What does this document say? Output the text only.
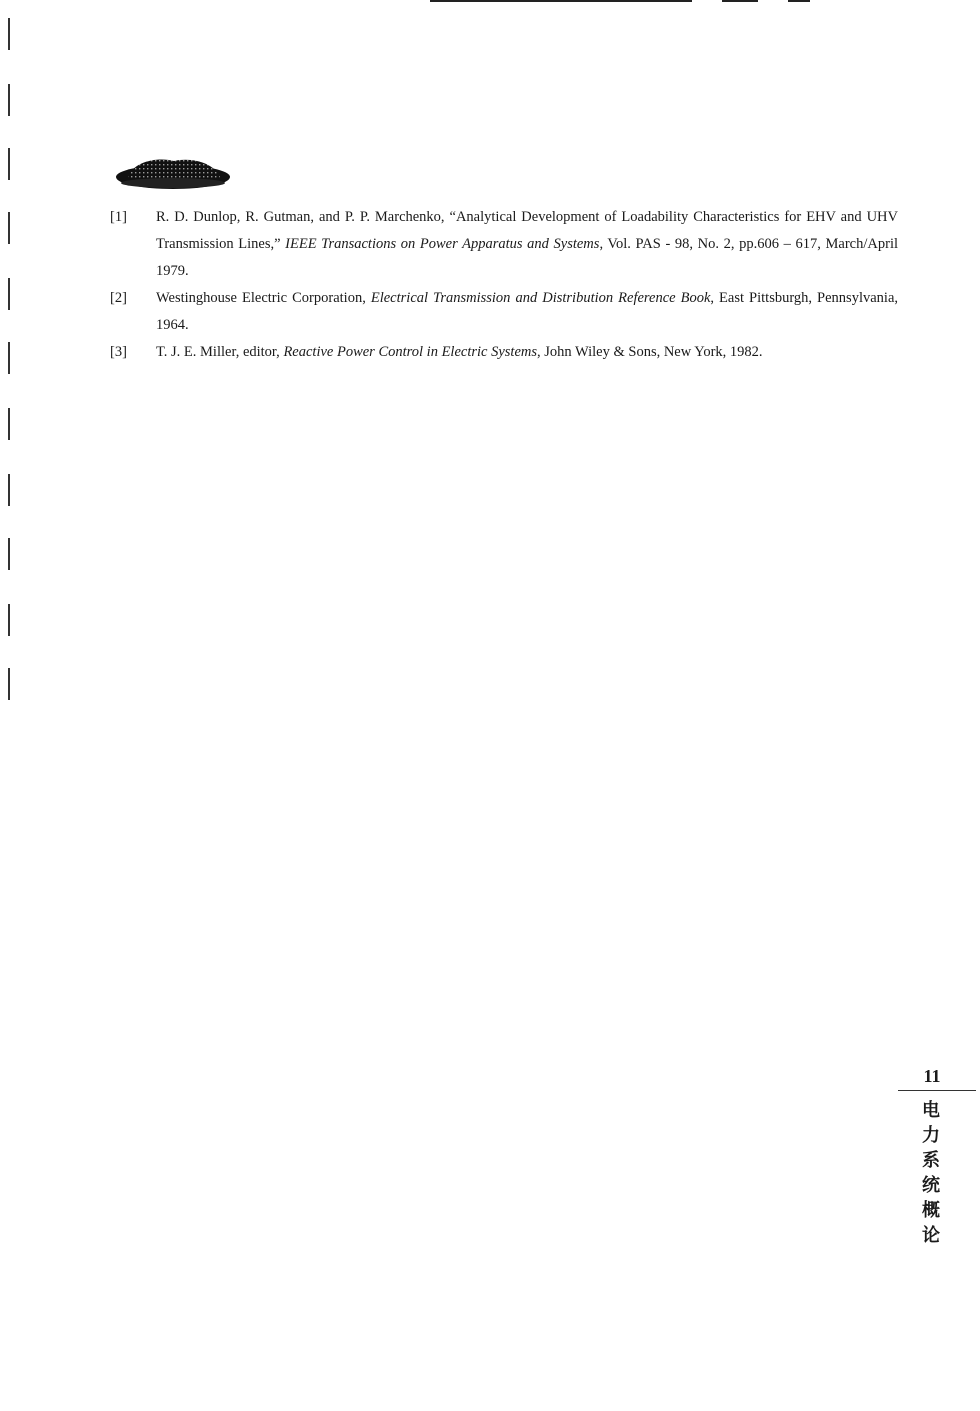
[1]	R. D. Dunlop, R. Gutman, and P. P. Marchenko, “Analytical Development of Loadability Characteristics for EHV and UHV Transmission Lines,” IEEE Transactions on Power Apparatus and Systems, Vol. PAS - 98, No. 2, pp.606 – 617, March/April 1979.
[2]	Westinghouse Electric Corporation, Electrical Transmission and Distribution Reference Book, East Pittsburgh, Pennsylvania, 1964.
[3]	T. J. E. Miller, editor, Reactive Power Control in Electric Systems, John Wiley & Sons, New York, 1982.
11
电力系统概论
